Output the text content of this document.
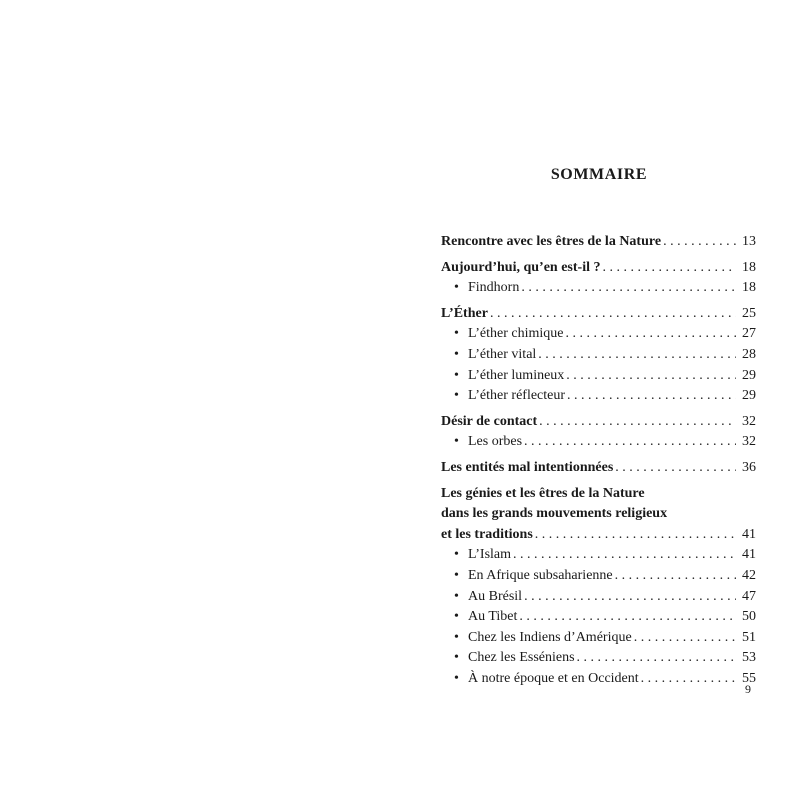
SOMMAIRE
Rencontre avec les êtres de la Nature . . .	13
Aujourd’hui, qu’en est-il ? . . .	18
• Findhorn . . .	18
L’Éther . . .	25
• L’éther chimique . . .	27
• L’éther vital . . .	28
• L’éther lumineux . . .	29
• L’éther réflecteur . . .	29
Désir de contact . . .	32
• Les orbes . . .	32
Les entités mal intentionnées . . .	36
Les génies et les êtres de la Nature
dans les grands mouvements religieux
et les traditions . . .	41
• L’Islam . . .	41
• En Afrique subsaharienne . . .	42
• Au Brésil . . .	47
• Au Tibet . . .	50
• Chez les Indiens d’Amérique . . .	51
• Chez les Esséniens . . .	53
• À notre époque et en Occident . . .	55

9
